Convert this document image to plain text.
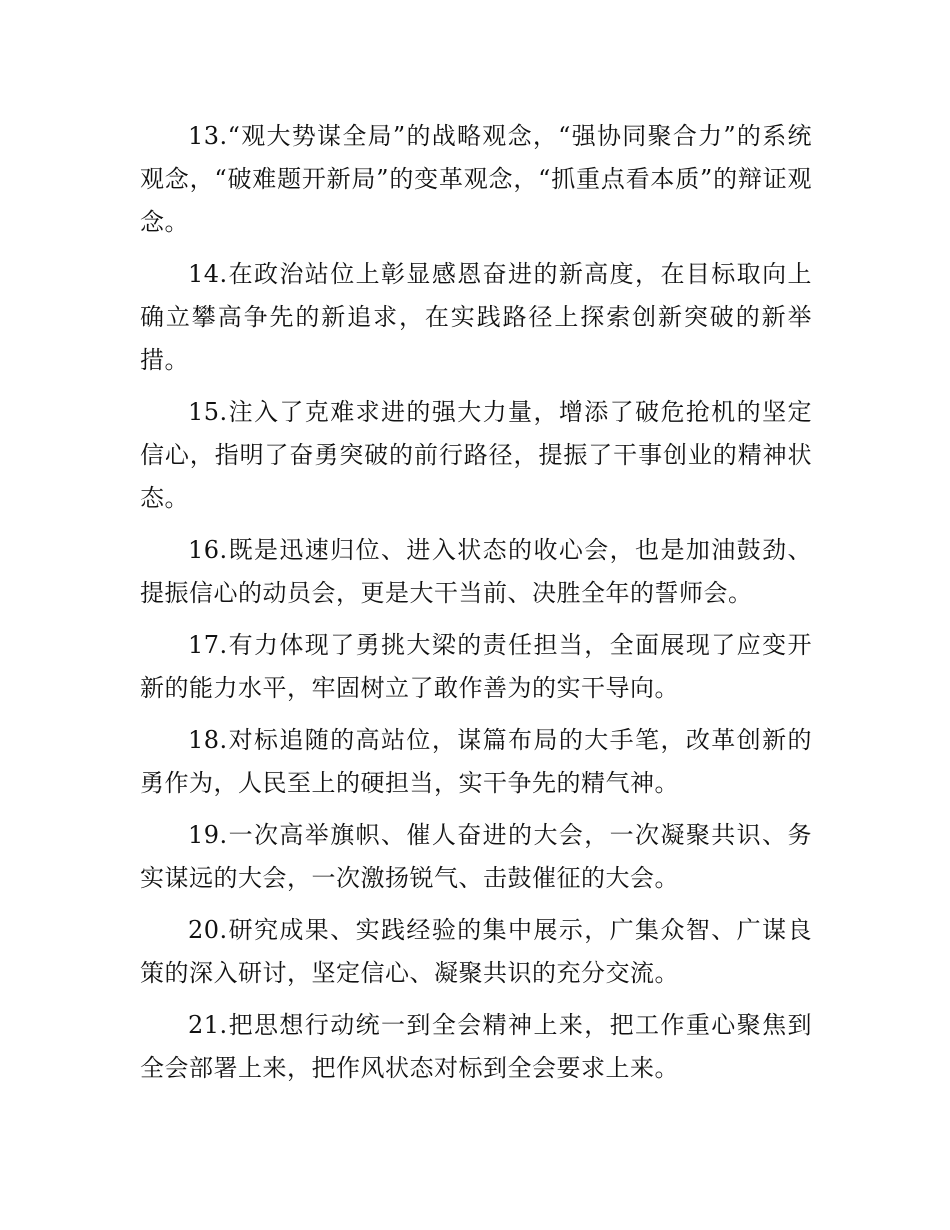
13.“观大势谋全局”的战略观念，“强协同聚合力”的系统观念，“破难题开新局”的变革观念，“抓重点看本质”的辩证观念。

14.在政治站位上彰显感恩奋进的新高度，在目标取向上确立攀高争先的新追求，在实践路径上探索创新突破的新举措。

15.注入了克难求进的强大力量，增添了破危抢机的坚定信心，指明了奋勇突破的前行路径，提振了干事创业的精神状态。

16.既是迅速归位、进入状态的收心会，也是加油鼓劲、提振信心的动员会，更是大干当前、决胜全年的誓师会。

17.有力体现了勇挑大梁的责任担当，全面展现了应变开新的能力水平，牢固树立了敢作善为的实干导向。

18.对标追随的高站位，谋篇布局的大手笔，改革创新的勇作为，人民至上的硬担当，实干争先的精气神。

19.一次高举旗帜、催人奋进的大会，一次凝聚共识、务实谋远的大会，一次激扬锐气、击鼓催征的大会。

20.研究成果、实践经验的集中展示，广集众智、广谋良策的深入研讨，坚定信心、凝聚共识的充分交流。

21.把思想行动统一到全会精神上来，把工作重心聚焦到全会部署上来，把作风状态对标到全会要求上来。
